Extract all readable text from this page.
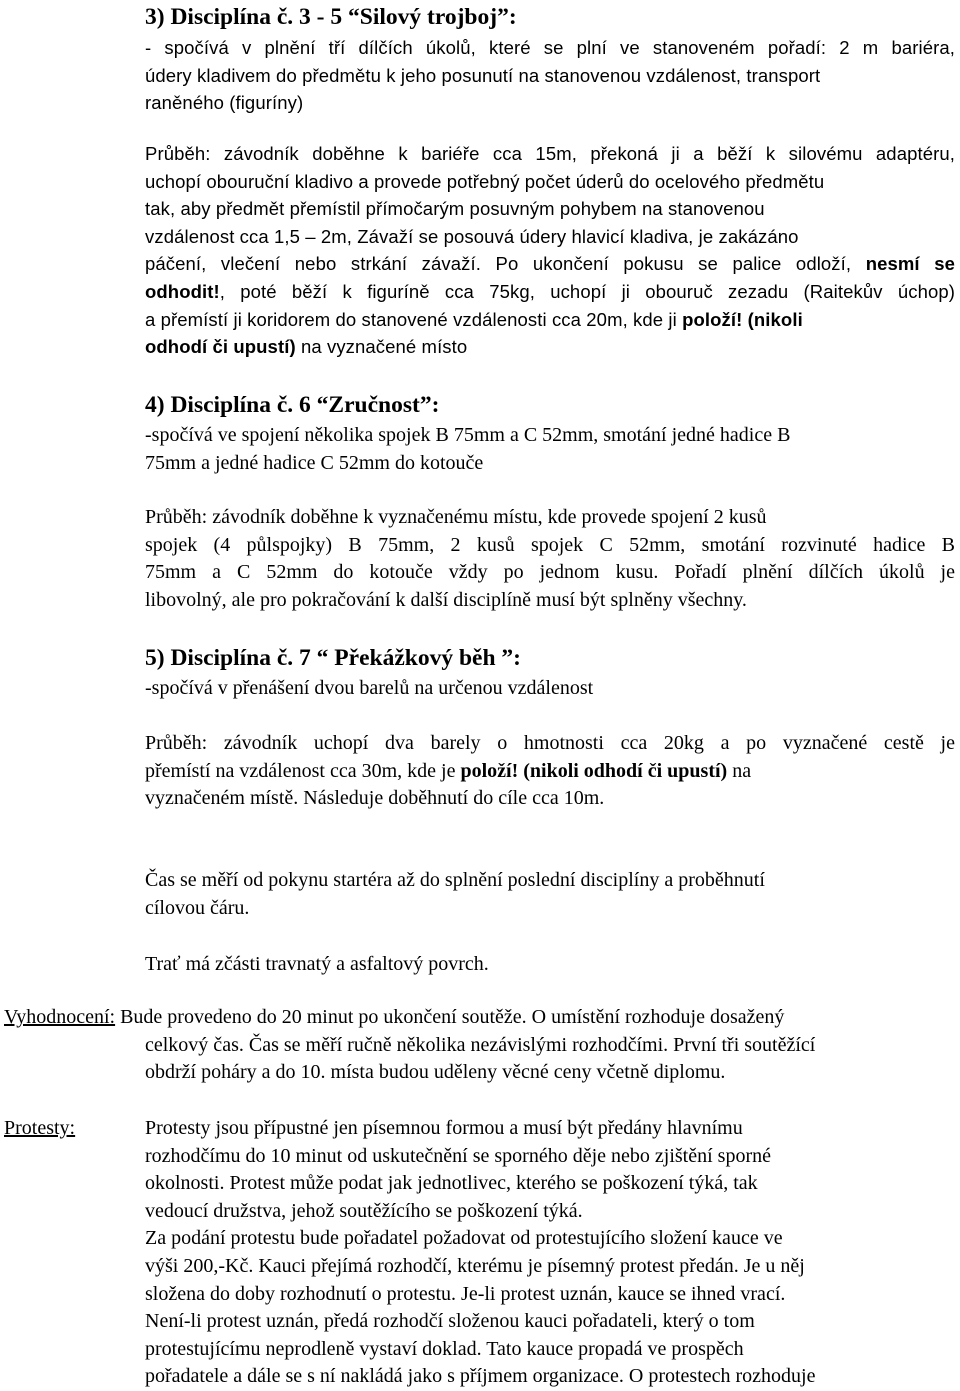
3) Disciplína č. 3 - 5 “Silový trojboj”:
- spočívá v plnění tří dílčích úkolů, které se plní ve stanoveném pořadí: 2 m bariéra,
údery kladivem do předmětu k jeho posunutí na stanovenou vzdálenost, transport
raněného (figuríny)
Průběh: závodník doběhne k bariéře cca 15m, překoná ji a běží k silovému adaptéru,
uchopí obouruční kladivo a provede potřebný počet úderů do ocelového předmětu
tak, aby předmět přemístil přímočarým posuvným pohybem na stanovenou
vzdálenost cca 1,5 – 2m, Závaží se posouvá údery hlavicí kladiva, je zakázáno
páčení, vlečení nebo strkání závaží. Po ukončení pokusu se palice odloží, nesmí se
odhodit!, poté běží k figuríně cca 75kg, uchopí ji obouruč zezadu (Raitekův úchop)
a přemístí ji koridorem do stanovené vzdálenosti cca 20m, kde ji položí! (nikoli
odhodí či upustí) na vyznačené místo
4) Disciplína č. 6 “Zručnost”:
-spočívá ve spojení několika spojek B 75mm a C 52mm, smotání jedné hadice B
75mm a jedné hadice C 52mm do kotouče
Průběh: závodník doběhne k vyznačenému místu, kde provede spojení 2 kusů
spojek (4 půlspojky) B 75mm, 2 kusů spojek C 52mm, smotání rozvinuté hadice B
75mm a C 52mm do kotouče vždy po jednom kusu. Pořadí plnění dílčích úkolů je
libovolný, ale pro pokračování k další disciplíně musí být splněny všechny.
5) Disciplína č. 7 “ Překážkový běh ”:
-spočívá v přenášení dvou barelů na určenou vzdálenost
Průběh: závodník uchopí dva barely o hmotnosti cca 20kg a po vyznačené cestě je
přemístí na vzdálenost cca 30m, kde je položí! (nikoli odhodí či upustí) na
vyznačeném místě. Následuje doběhnutí do cíle cca 10m.
Čas se měří od pokynu startéra až do splnění poslední disciplíny a proběhnutí
cílovou čáru.
Trať má zčásti travnatý a asfaltový povrch.
Vyhodnocení: Bude provedeno do 20 minut po ukončení soutěže. O umístění rozhoduje dosažený
celkový čas. Čas se měří ručně několika nezávislými rozhodčími. První tři soutěžící
obdrží poháry a do 10. místa budou uděleny věcné ceny včetně diplomu.
Protesty:	Protesty jsou přípustné jen písemnou formou a musí být předány hlavnímu
rozhodčímu do 10 minut od uskutečnění se sporného děje nebo zjištění sporné
okolnosti. Protest může podat jak jednotlivec, kterého se poškození týká, tak
vedoucí družstva, jehož soutěžícího se poškození týká.
Za podání protestu bude pořadatel požadovat od protestujícího složení kauce ve
výši 200,-Kč. Kauci přejímá rozhodčí, kterému je písemný protest předán. Je u něj
složena do doby rozhodnutí o protestu. Je-li protest uznán, kauce se ihned vrací.
Není-li protest uznán, předá rozhodčí složenou kauci pořadateli, který o tom
protestujícímu neprodleně vystaví doklad. Tato kauce propadá ve prospěch
pořadatele a dále se s ní nakládá jako s příjmem organizace. O protestech rozhoduje
